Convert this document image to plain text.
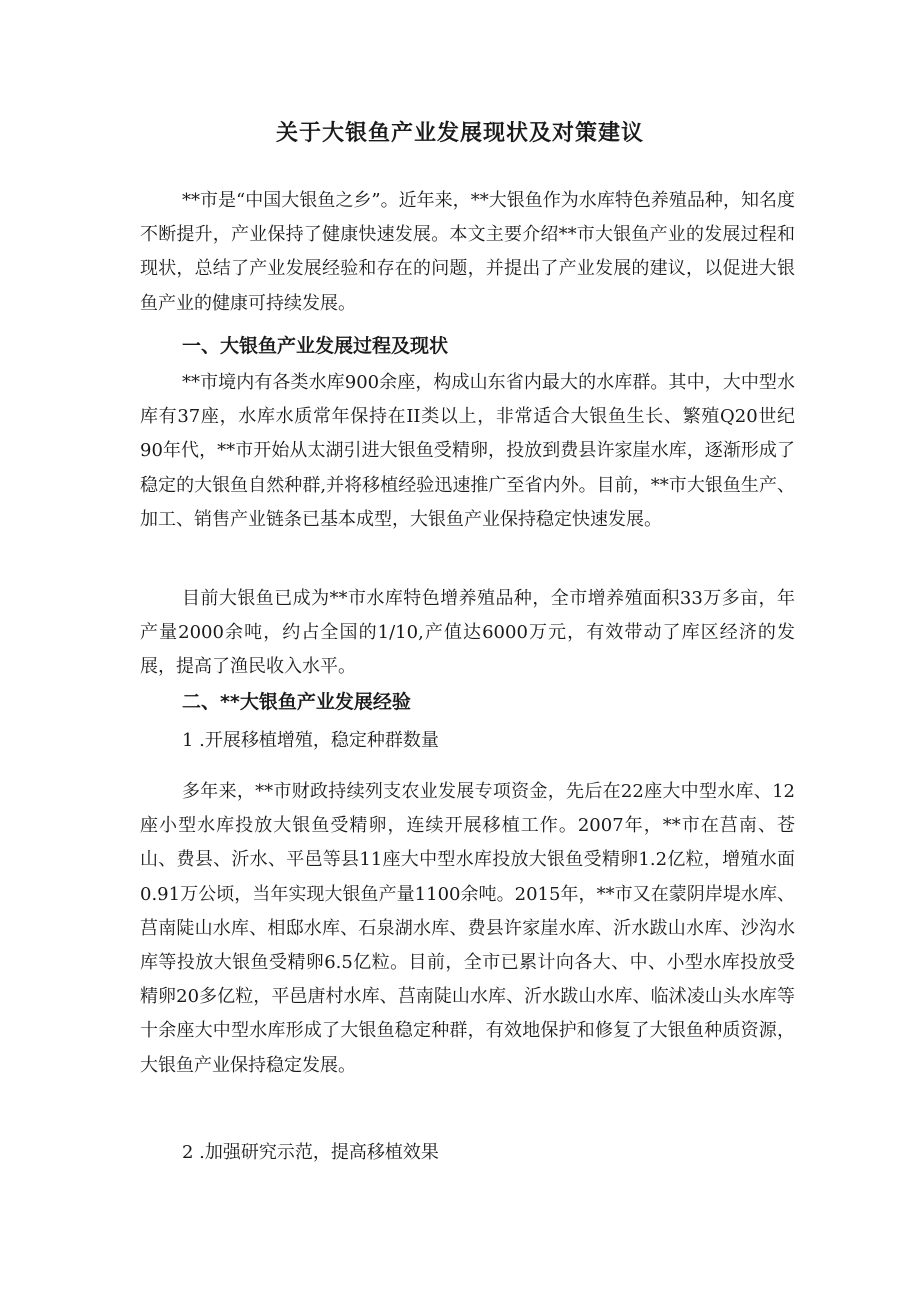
关于大银鱼产业发展现状及对策建议

**市是“中国大银鱼之乡”。近年来，**大银鱼作为水库特色养殖品种，知名度不断提升，产业保持了健康快速发展。本文主要介绍**市大银鱼产业的发展过程和现状，总结了产业发展经验和存在的问题，并提出了产业发展的建议，以促进大银鱼产业的健康可持续发展。

一、大银鱼产业发展过程及现状

**市境内有各类水库900余座，构成山东省内最大的水库群。其中，大中型水库有37座，水库水质常年保持在II类以上，非常适合大银鱼生长、繁殖Q20世纪90年代，**市开始从太湖引进大银鱼受精卵，投放到费县许家崖水库，逐渐形成了稳定的大银鱼自然种群,并将移植经验迅速推广至省内外。目前，**市大银鱼生产、加工、销售产业链条已基本成型，大银鱼产业保持稳定快速发展。

目前大银鱼已成为**市水库特色增养殖品种，全市增养殖面积33万多亩，年产量2000余吨，约占全国的1/10,产值达6000万元，有效带动了库区经济的发展，提高了渔民收入水平。

二、**大银鱼产业发展经验

1 .开展移植增殖，稳定种群数量

多年来，**市财政持续列支农业发展专项资金，先后在22座大中型水库、12座小型水库投放大银鱼受精卵，连续开展移植工作。2007年，**市在莒南、苍山、费县、沂水、平邑等县11座大中型水库投放大银鱼受精卵1.2亿粒，增殖水面0.91万公顷，当年实现大银鱼产量1100余吨。2015年，**市又在蒙阴岸堤水库、莒南陡山水库、相邸水库、石泉湖水库、费县许家崖水库、沂水跋山水库、沙沟水库等投放大银鱼受精卵6.5亿粒。目前，全市已累计向各大、中、小型水库投放受精卵20多亿粒，平邑唐村水库、莒南陡山水库、沂水跋山水库、临沭凌山头水库等十余座大中型水库形成了大银鱼稳定种群，有效地保护和修复了大银鱼种质资源，大银鱼产业保持稳定发展。

2 .加强研究示范，提高移植效果
